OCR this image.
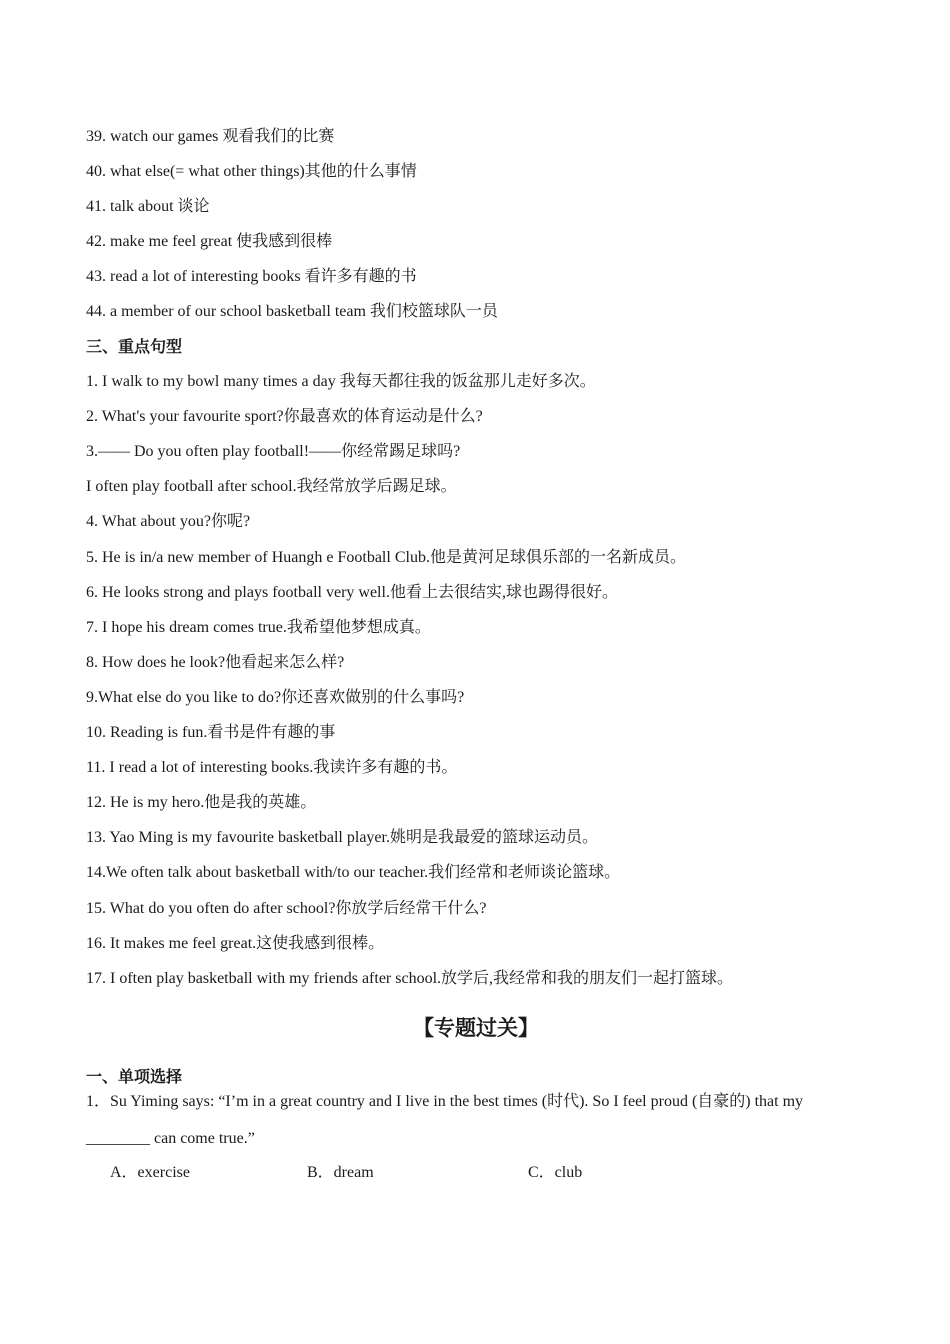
39. watch our games 观看我们的比赛
40. what else(= what other things)其他的什么事情
41. talk about 谈论
42. make me feel great 使我感到很棒
43. read a lot of interesting books 看许多有趣的书
44. a member of our school basketball team 我们校篮球队一员
三、重点句型
1. I walk to my bowl many times a day 我每天都往我的饭盆那儿走好多次。
2. What's your favourite sport?你最喜欢的体育运动是什么?
3.—— Do you often play football!——你经常踢足球吗?
I often play football after school.我经常放学后踢足球。
4. What about you?你呢?
5. He is in/a new member of Huangh e Football Club.他是黄河足球俱乐部的一名新成员。
6. He looks strong and plays football very well.他看上去很结实,球也踢得很好。
7. I hope his dream comes true.我希望他梦想成真。
8. How does he look?他看起来怎么样?
9.What else do you like to do?你还喜欢做别的什么事吗?
10. Reading is fun.看书是件有趣的事
11. I read a lot of interesting books.我读许多有趣的书。
12. He is my hero.他是我的英雄。
13. Yao Ming is my favourite basketball player.姚明是我最爱的篮球运动员。
14.We often talk about basketball with/to our teacher.我们经常和老师谈论篮球。
15. What do you often do after school?你放学后经常干什么?
16. It makes me feel great.这使我感到很棒。
17. I often play basketball with my friends after school.放学后,我经常和我的朋友们一起打篮球。
【专题过关】
一、单项选择
1．Su Yiming says: “I’m in a great country and I live in the best times (时代). So I feel proud (自豪的) that my
________ can come true.”
A．exercise	B．dream	C．club
